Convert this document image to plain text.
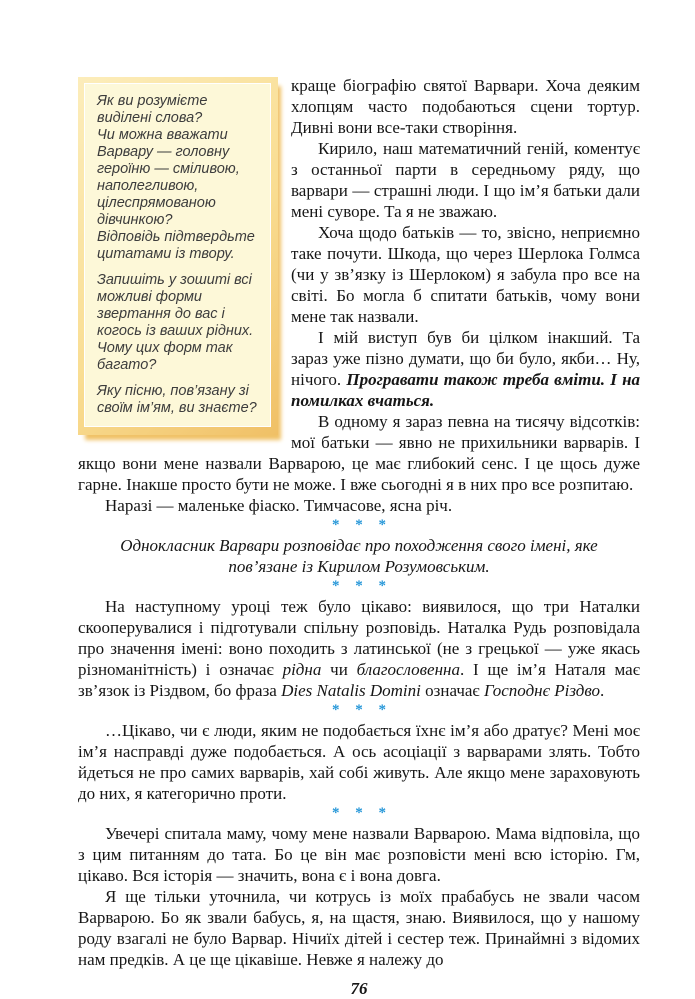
Як ви розумієте виділені слова?

Чи можна вважати Варвару — головну героїню — сміливою, наполегливою, цілеспрямованою дівчинкою?

Відповідь підтвердьте цитатами із твору.

Запишіть у зошиті всі можливі форми звертання до вас і когось із ваших рідних. Чому цих форм так багато?

Яку пісню, пов’язану зі своїм ім’ям, ви знаєте?

краще біографію святої Варвари. Хоча деяким хлопцям часто подобаються сцени тортур. Дивні вони все-таки створіння.

Кирило, наш математичний геній, коментує з останньої парти в середньому ряду, що варвари — страшні люди. І що ім’я батьки дали мені суворе. Та я не зважаю.

Хоча щодо батьків — то, звісно, неприємно таке почути. Шкода, що через Шерлока Голмса (чи у зв’язку із Шерлоком) я забула про все на світі. Бо могла б спитати батьків, чому вони мене так назвали.

І мій виступ був би цілком інакший. Та зараз уже пізно думати, що би було, якби… Ну, нічого. Програвати також треба вміти. І на помилках вчаться.

В одному я зараз певна на тисячу відсотків: мої батьки — явно не прихильники варварів. І якщо вони мене назвали Варварою, це має глибокий сенс. І це щось дуже гарне. Інакше просто бути не може. І вже сьогодні я в них про все розпитаю.

Наразі — маленьке фіаско. Тимчасове, ясна річ.

* * *

Однокласник Варвари розповідає про походження свого імені, яке пов’язане із Кирилом Розумовським.

* * *

На наступному уроці теж було цікаво: виявилося, що три Наталки скооперувалися і підготували спільну розповідь. Наталка Рудь розповідала про значення імені: воно походить з латинської (не з грецької — уже якась різноманітність) і означає рідна чи благословенна. І ще ім’я Наталя має зв’язок із Різдвом, бо фраза Dies Natalis Domini означає Господнє Різдво.

* * *

…Цікаво, чи є люди, яким не подобається їхнє ім’я або дратує? Мені моє ім’я насправді дуже подобається. А ось асоціації з варварами злять. Тобто йдеться не про самих варварів, хай собі живуть. Але якщо мене зараховують до них, я категорично проти.

* * *

Увечері спитала маму, чому мене назвали Варварою. Мама відповіла, що з цим питанням до тата. Бо це він має розповісти мені всю історію. Гм, цікаво. Вся історія — значить, вона є і вона довга.

Я ще тільки уточнила, чи котрусь із моїх прабабусь не звали часом Варварою. Бо як звали бабусь, я, на щастя, знаю. Виявилося, що у нашому роду взагалі не було Варвар. Нічиїх дітей і сестер теж. Принаймні з відомих нам предків. А це ще цікавіше. Невже я належу до

76
